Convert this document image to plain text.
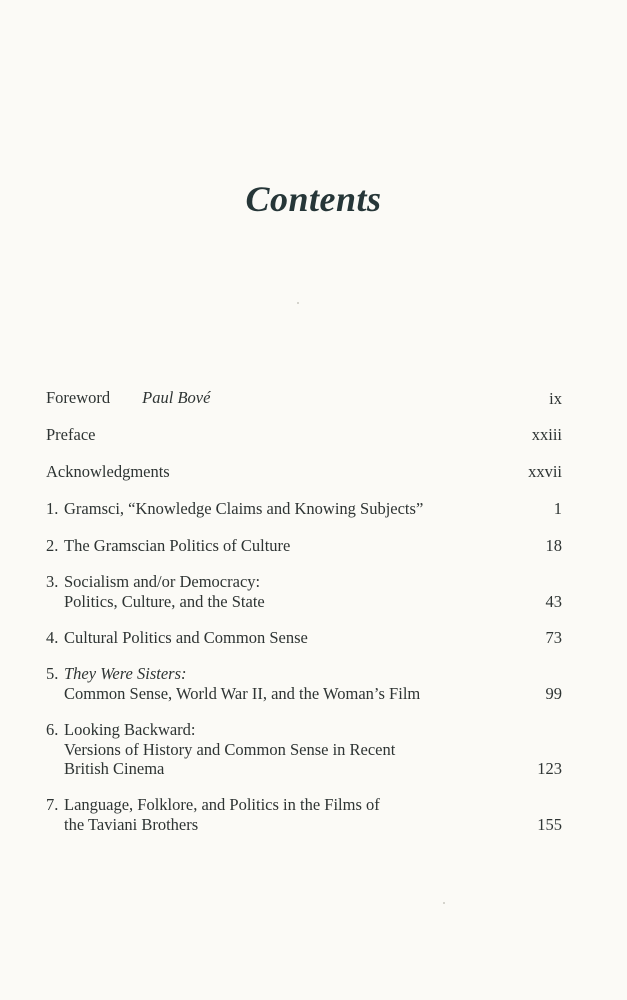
Contents
Foreword Paul Bové	ix
Preface	xxiii
Acknowledgments	xxvii
1. Gramsci, “Knowledge Claims and Knowing Subjects”	1
2. The Gramscian Politics of Culture	18
3. Socialism and/or Democracy:
Politics, Culture, and the State	43
4. Cultural Politics and Common Sense	73
5. They Were Sisters:
Common Sense, World War II, and the Woman’s Film	99
6. Looking Backward:
Versions of History and Common Sense in Recent
British Cinema	123
7. Language, Folklore, and Politics in the Films of
the Taviani Brothers	155
